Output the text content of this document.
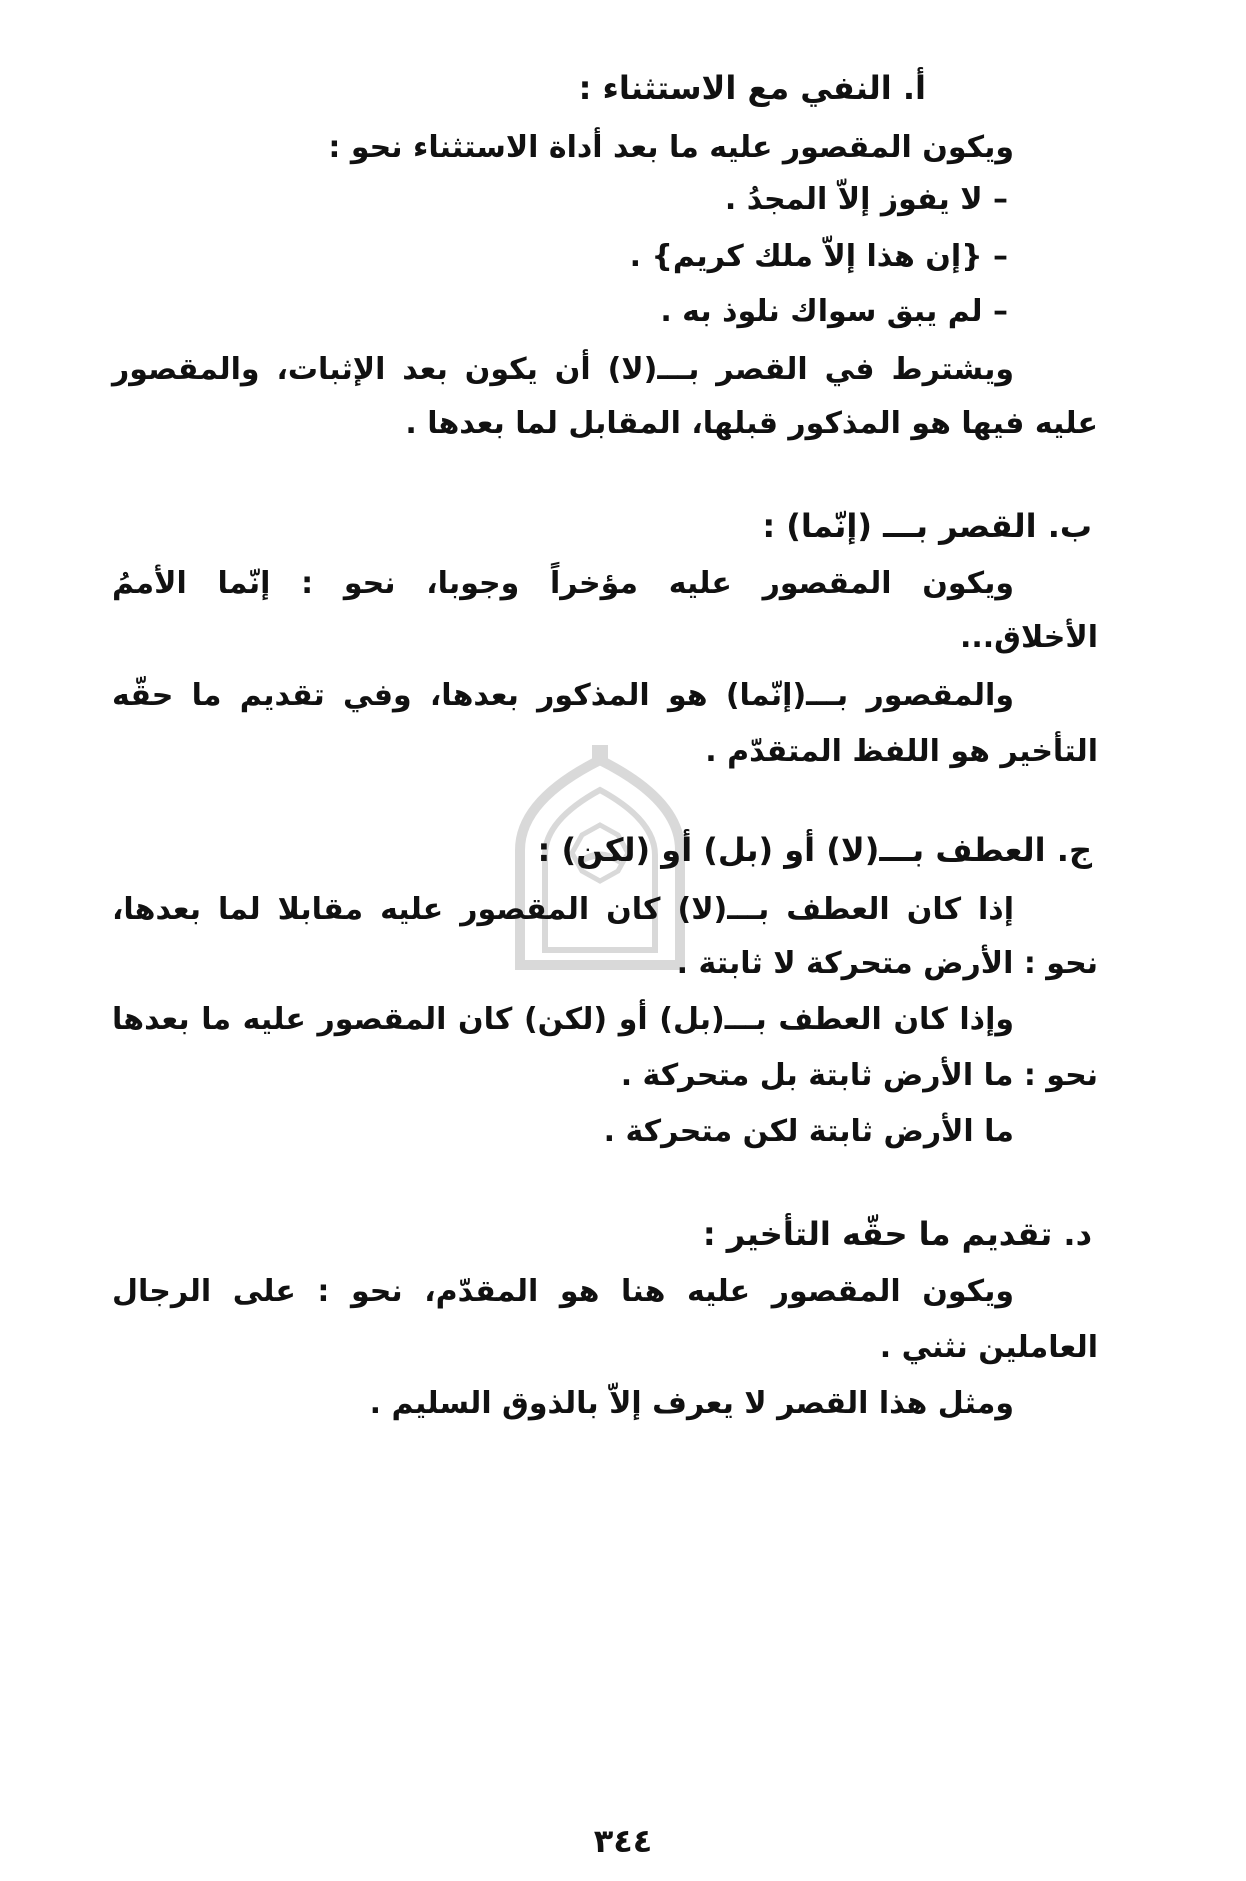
أ. النفي مع الاستثناء :
ويكون المقصور عليه ما بعد أداة الاستثناء نحو :
– لا يفوز إلاّ المجدُ .
– {إن هذا إلاّ ملك كريم} .
– لم يبق سواك نلوذ به .
ويشترط في القصر بـــ(لا) أن يكون بعد الإثبات، والمقصور
عليه فيها هو المذكور قبلها، المقابل لما بعدها .
ب. القصر بـــ (إنّما) :
ويكون المقصور عليه مؤخراً وجوبا، نحو : إنّما الأممُ
الأخلاق...
والمقصور بـــ(إنّما) هو المذكور بعدها، وفي تقديم ما حقّه
التأخير هو اللفظ المتقدّم .
ج. العطف بـــ(لا) أو (بل) أو (لكن) :
إذا كان العطف بـــ(لا) كان المقصور عليه مقابلا لما بعدها،
نحو : الأرض متحركة لا ثابتة .
وإذا كان العطف بـــ(بل) أو (لكن) كان المقصور عليه ما بعدها
نحو : ما الأرض ثابتة بل متحركة .
ما الأرض ثابتة لكن متحركة .
د. تقديم ما حقّه التأخير :
ويكون المقصور عليه هنا هو المقدّم، نحو : على الرجال
العاملين نثني .
ومثل هذا القصر لا يعرف إلاّ بالذوق السليم .
٣٤٤
